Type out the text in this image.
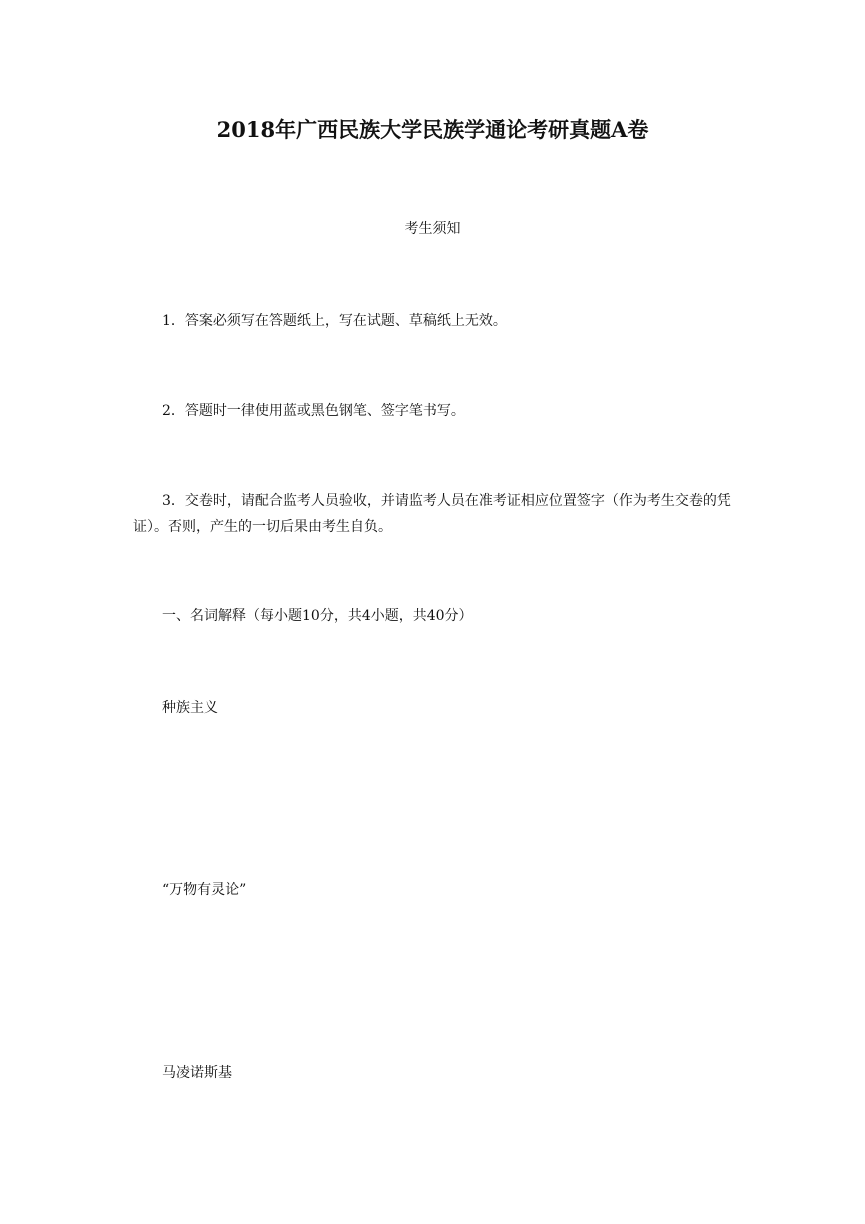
2018年广西民族大学民族学通论考研真题A卷
考生须知
1．答案必须写在答题纸上，写在试题、草稿纸上无效。
2．答题时一律使用蓝或黑色钢笔、签字笔书写。
3．交卷时，请配合监考人员验收，并请监考人员在准考证相应位置签字（作为考生交卷的凭证）。否则，产生的一切后果由考生自负。
一、名词解释（每小题10分，共4小题，共40分）
种族主义
“万物有灵论”
马凌诺斯基
